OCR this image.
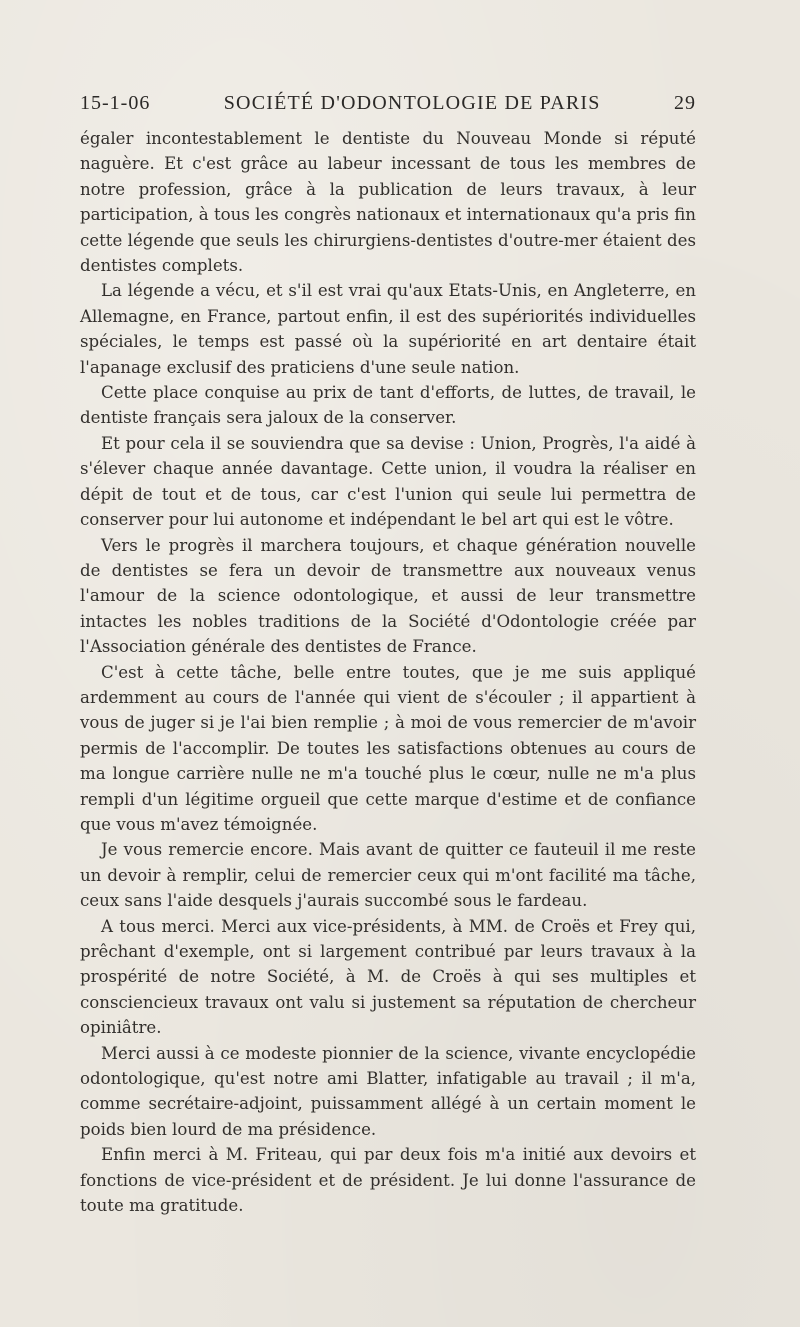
15-1-06	SOCIÉTÉ D'ODONTOLOGIE DE PARIS	29

égaler incontestablement le dentiste du Nouveau Monde si réputé naguère. Et c'est grâce au labeur incessant de tous les membres de notre profession, grâce à la publication de leurs travaux, à leur participation, à tous les congrès nationaux et internationaux qu'a pris fin cette légende que seuls les chirurgiens-dentistes d'outre-mer étaient des dentistes complets.

La légende a vécu, et s'il est vrai qu'aux Etats-Unis, en Angleterre, en Allemagne, en France, partout enfin, il est des supériorités individuelles spéciales, le temps est passé où la supériorité en art dentaire était l'apanage exclusif des praticiens d'une seule nation.

Cette place conquise au prix de tant d'efforts, de luttes, de travail, le dentiste français sera jaloux de la conserver.

Et pour cela il se souviendra que sa devise : Union, Progrès, l'a aidé à s'élever chaque année davantage. Cette union, il voudra la réaliser en dépit de tout et de tous, car c'est l'union qui seule lui permettra de conserver pour lui autonome et indépendant le bel art qui est le vôtre.

Vers le progrès il marchera toujours, et chaque génération nouvelle de dentistes se fera un devoir de transmettre aux nouveaux venus l'amour de la science odontologique, et aussi de leur transmettre intactes les nobles traditions de la Société d'Odontologie créée par l'Association générale des dentistes de France.

C'est à cette tâche, belle entre toutes, que je me suis appliqué ardemment au cours de l'année qui vient de s'écouler ; il appartient à vous de juger si je l'ai bien remplie ; à moi de vous remercier de m'avoir permis de l'accomplir. De toutes les satisfactions obtenues au cours de ma longue carrière nulle ne m'a touché plus le cœur, nulle ne m'a plus rempli d'un légitime orgueil que cette marque d'estime et de confiance que vous m'avez témoignée.

Je vous remercie encore. Mais avant de quitter ce fauteuil il me reste un devoir à remplir, celui de remercier ceux qui m'ont facilité ma tâche, ceux sans l'aide desquels j'aurais succombé sous le fardeau.

A tous merci. Merci aux vice-présidents, à MM. de Croës et Frey qui, prêchant d'exemple, ont si largement contribué par leurs travaux à la prospérité de notre Société, à M. de Croës à qui ses multiples et consciencieux travaux ont valu si justement sa réputation de chercheur opiniâtre.

Merci aussi à ce modeste pionnier de la science, vivante encyclopédie odontologique, qu'est notre ami Blatter, infatigable au travail ; il m'a, comme secrétaire-adjoint, puissamment allégé à un certain moment le poids bien lourd de ma présidence.

Enfin merci à M. Friteau, qui par deux fois m'a initié aux devoirs et fonctions de vice-président et de président. Je lui donne l'assurance de toute ma gratitude.
